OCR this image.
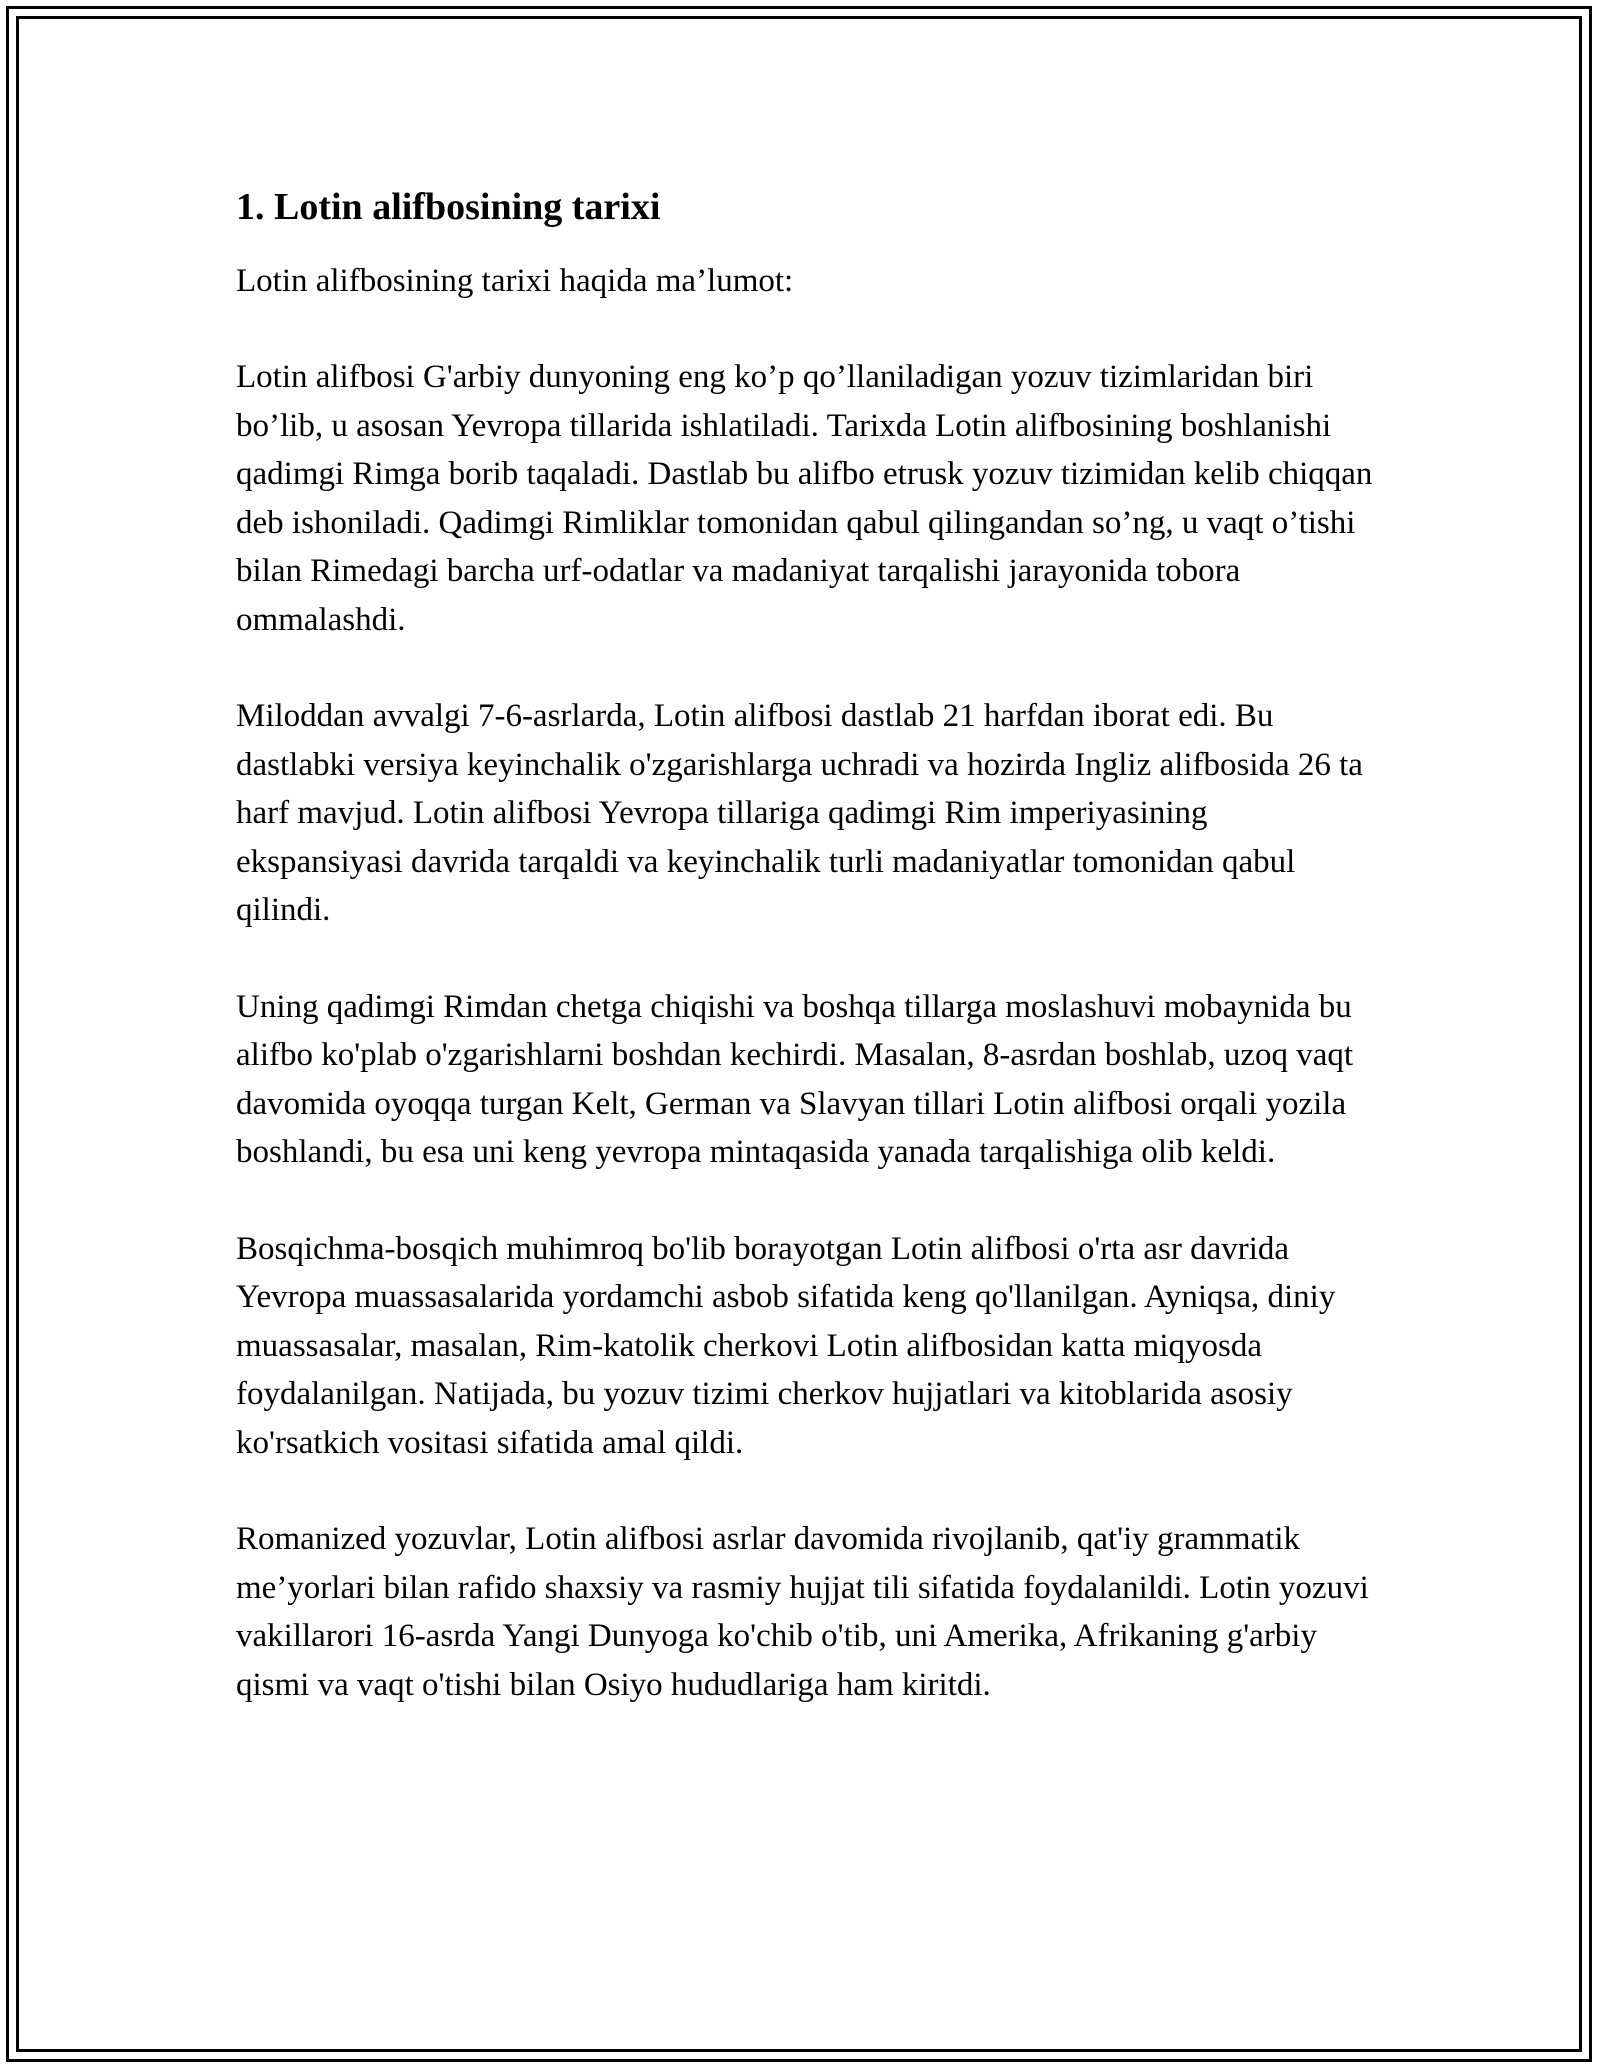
1. Lotin alifbosining tarixi

Lotin alifbosining tarixi haqida ma’lumot:

Lotin alifbosi G'arbiy dunyoning eng ko’p qo’llaniladigan yozuv tizimlaridan biri bo’lib, u asosan Yevropa tillarida ishlatiladi. Tarixda Lotin alifbosining boshlanishi qadimgi Rimga borib taqaladi. Dastlab bu alifbo etrusk yozuv tizimidan kelib chiqqan deb ishoniladi. Qadimgi Rimliklar tomonidan qabul qilingandan so’ng, u vaqt o’tishi bilan Rimedagi barcha urf-odatlar va madaniyat tarqalishi jarayonida tobora ommalashdi.

Miloddan avvalgi 7-6-asrlarda, Lotin alifbosi dastlab 21 harfdan iborat edi. Bu dastlabki versiya keyinchalik o'zgarishlarga uchradi va hozirda Ingliz alifbosida 26 ta harf mavjud. Lotin alifbosi Yevropa tillariga qadimgi Rim imperiyasining ekspansiyasi davrida tarqaldi va keyinchalik turli madaniyatlar tomonidan qabul qilindi.

Uning qadimgi Rimdan chetga chiqishi va boshqa tillarga moslashuvi mobaynida bu alifbo ko'plab o'zgarishlarni boshdan kechirdi. Masalan, 8-asrdan boshlab, uzoq vaqt davomida oyoqqa turgan Kelt, German va Slavyan tillari Lotin alifbosi orqali yozila boshlandi, bu esa uni keng yevropa mintaqasida yanada tarqalishiga olib keldi.

Bosqichma-bosqich muhimroq bo'lib borayotgan Lotin alifbosi o'rta asr davrida Yevropa muassasalarida yordamchi asbob sifatida keng qo'llanilgan. Ayniqsa, diniy muassasalar, masalan, Rim-katolik cherkovi Lotin alifbosidan katta miqyosda foydalanilgan. Natijada, bu yozuv tizimi cherkov hujjatlari va kitoblarida asosiy ko'rsatkich vositasi sifatida amal qildi.

Romanized yozuvlar, Lotin alifbosi asrlar davomida rivojlanib, qat'iy grammatik me’yorlari bilan rafido shaxsiy va rasmiy hujjat tili sifatida foydalanildi. Lotin yozuvi vakillarori 16-asrda Yangi Dunyoga ko'chib o'tib, uni Amerika, Afrikaning g'arbiy qismi va vaqt o'tishi bilan Osiyo hududlariga ham kiritdi.
